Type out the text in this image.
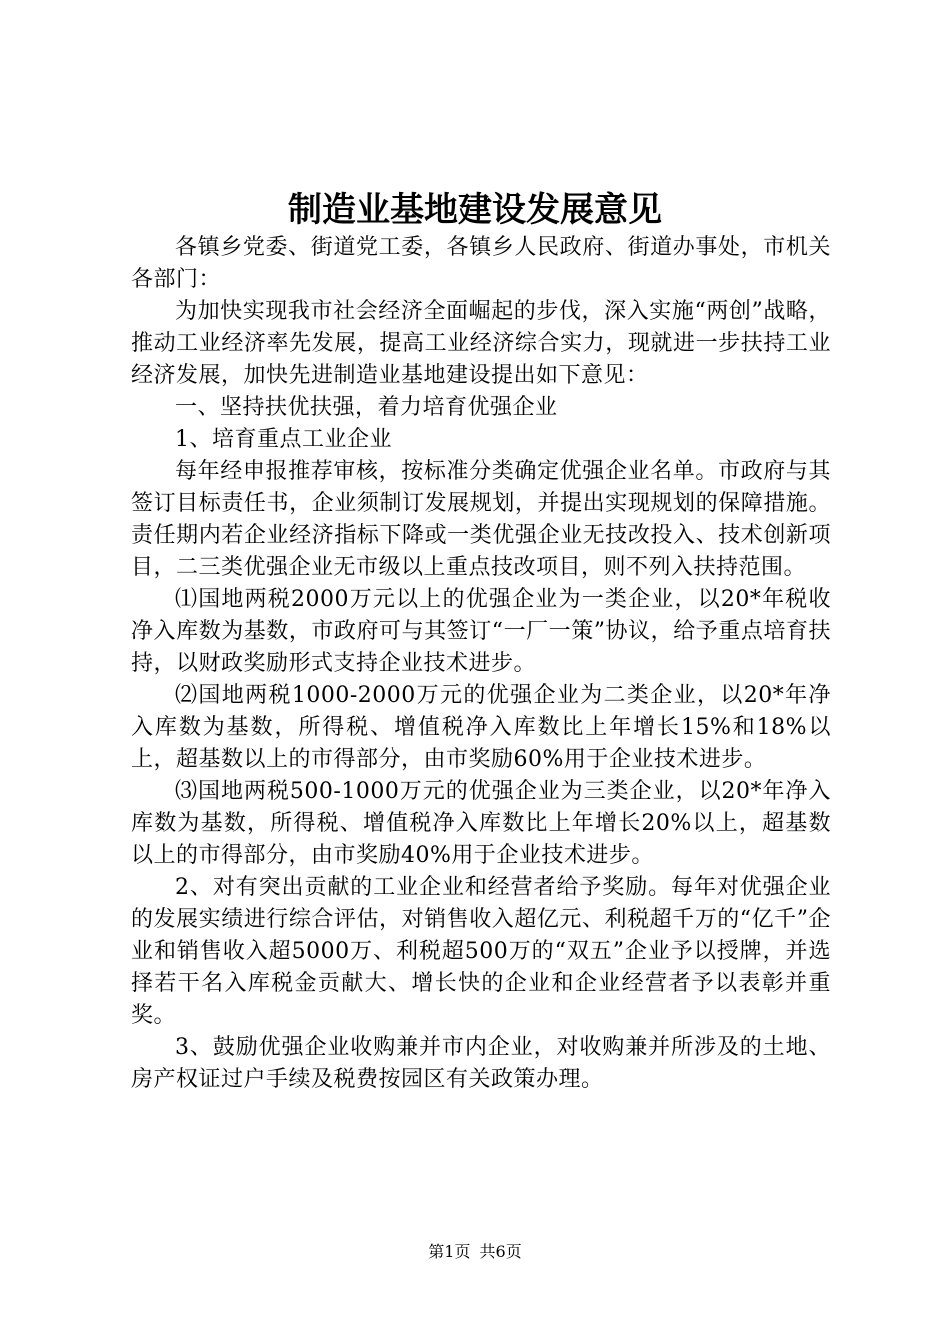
制造业基地建设发展意见

各镇乡党委、街道党工委，各镇乡人民政府、街道办事处，市机关各部门：

为加快实现我市社会经济全面崛起的步伐，深入实施“两创”战略，推动工业经济率先发展，提高工业经济综合实力，现就进一步扶持工业经济发展，加快先进制造业基地建设提出如下意见：

一、坚持扶优扶强，着力培育优强企业

1、培育重点工业企业

每年经申报推荐审核，按标准分类确定优强企业名单。市政府与其签订目标责任书，企业须制订发展规划，并提出实现规划的保障措施。责任期内若企业经济指标下降或一类优强企业无技改投入、技术创新项目，二三类优强企业无市级以上重点技改项目，则不列入扶持范围。

⑴国地两税2000万元以上的优强企业为一类企业，以20*年税收净入库数为基数，市政府可与其签订“一厂一策”协议，给予重点培育扶持，以财政奖励形式支持企业技术进步。

⑵国地两税1000-2000万元的优强企业为二类企业，以20*年净入库数为基数，所得税、增值税净入库数比上年增长15%和18%以上，超基数以上的市得部分，由市奖励60%用于企业技术进步。

⑶国地两税500-1000万元的优强企业为三类企业，以20*年净入库数为基数，所得税、增值税净入库数比上年增长20%以上，超基数以上的市得部分，由市奖励40%用于企业技术进步。

2、对有突出贡献的工业企业和经营者给予奖励。每年对优强企业的发展实绩进行综合评估，对销售收入超亿元、利税超千万的“亿千”企业和销售收入超5000万、利税超500万的“双五”企业予以授牌，并选择若干名入库税金贡献大、增长快的企业和企业经营者予以表彰并重奖。

3、鼓励优强企业收购兼并市内企业，对收购兼并所涉及的土地、房产权证过户手续及税费按园区有关政策办理。

第1页 共6页
